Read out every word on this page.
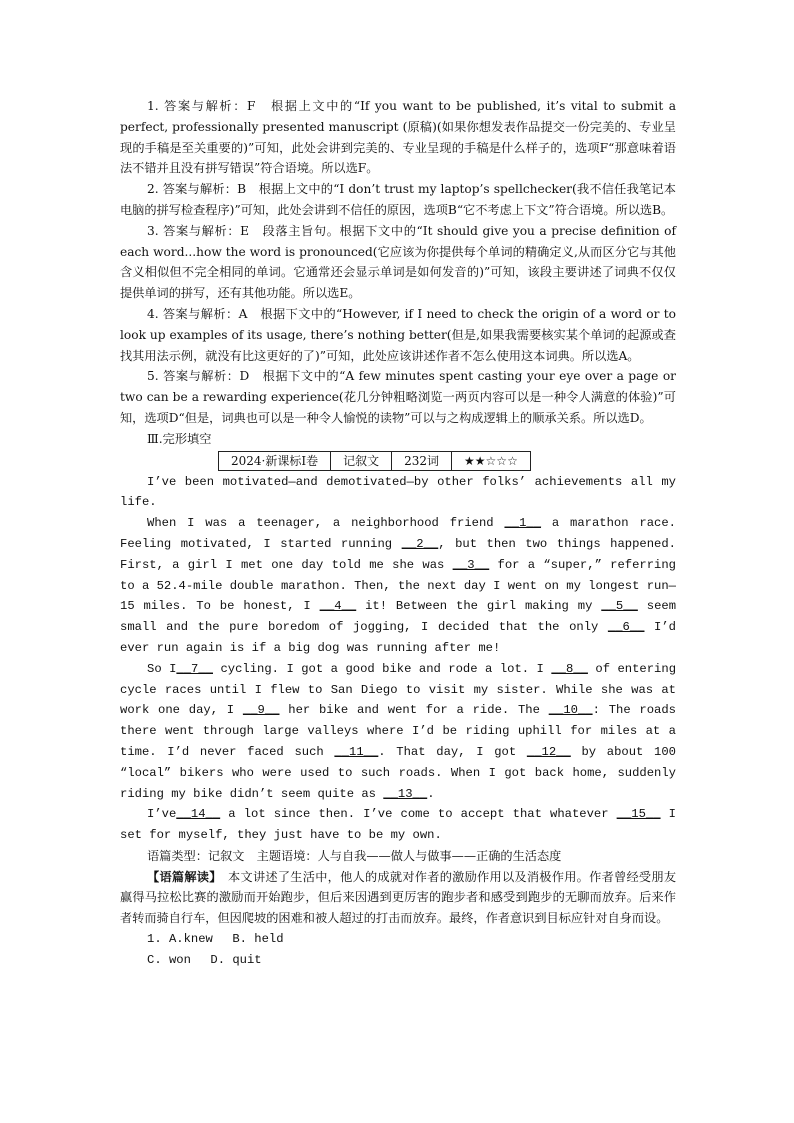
1. 答案与解析：F　根据上文中的“If you want to be published, it’s vital to submit a perfect, professionally presented manuscript (原稿)(如果你想发表作品提交一份完美的、专业呈现的手稿是至关重要的)”可知，此处会讲到完美的、专业呈现的手稿是什么样子的，选项F“那意味着语法不错并且没有拼写错误”符合语境。所以选F。

2. 答案与解析：B　根据上文中的“I don’t trust my laptop’s spellchecker(我不信任我笔记本电脑的拼写检查程序)”可知，此处会讲到不信任的原因，选项B“它不考虑上下文”符合语境。所以选B。

3. 答案与解析：E　段落主旨句。根据下文中的“It should give you a precise definition of each word...how the word is pronounced(它应该为你提供每个单词的精确定义,从而区分它与其他含义相似但不完全相同的单词。它通常还会显示单词是如何发音的)”可知，该段主要讲述了词典不仅仅提供单词的拼写，还有其他功能。所以选E。

4. 答案与解析：A　根据下文中的“However, if I need to check the origin of a word or to look up examples of its usage, there’s nothing better(但是,如果我需要核实某个单词的起源或查找其用法示例，就没有比这更好的了)”可知，此处应该讲述作者不怎么使用这本词典。所以选A。

5. 答案与解析：D　根据下文中的“A few minutes spent casting your eye over a page or two can be a rewarding experience(花几分钟粗略浏览一两页内容可以是一种令人满意的体验)”可知，选项D“但是，词典也可以是一种令人愉悦的读物”可以与之构成逻辑上的顺承关系。所以选D。

Ⅲ.完形填空

2024·新课标Ⅰ卷	记叙文	232词	★★☆☆☆

I’ve been motivated—and demotivated—by other folks’ achievements all my life.

When I was a teenager, a neighborhood friend __1__ a marathon race. Feeling motivated, I started running __2__, but then two things happened. First, a girl I met one day told me she was __3__ for a “super,” referring to a 52.4-mile double marathon. Then, the next day I went on my longest run—15 miles. To be honest, I __4__ it! Between the girl making my __5__ seem small and the pure boredom of jogging, I decided that the only __6__ I’d ever run again is if a big dog was running after me!

So I__7__ cycling. I got a good bike and rode a lot. I __8__ of entering cycle races until I flew to San Diego to visit my sister. While she was at work one day, I __9__ her bike and went for a ride. The __10__: The roads there went through large valleys where I’d be riding uphill for miles at a time. I’d never faced such __11__. That day, I got __12__ by about 100 “local” bikers who were used to such roads. When I got back home, suddenly riding my bike didn’t seem quite as __13__.

I’ve__14__ a lot since then. I’ve come to accept that whatever __15__ I set for myself, they just have to be my own.

语篇类型：记叙文　主题语境：人与自我——做人与做事——正确的生活态度

【语篇解读】　本文讲述了生活中，他人的成就对作者的激励作用以及消极作用。作者曾经受朋友赢得马拉松比赛的激励而开始跑步，但后来因遇到更厉害的跑步者和感受到跑步的无聊而放弃。后来作者转而骑自行车，但因爬坡的困难和被人超过的打击而放弃。最终，作者意识到目标应针对自身而设。

1. A.knew　 B. held

C. won　 D. quit
